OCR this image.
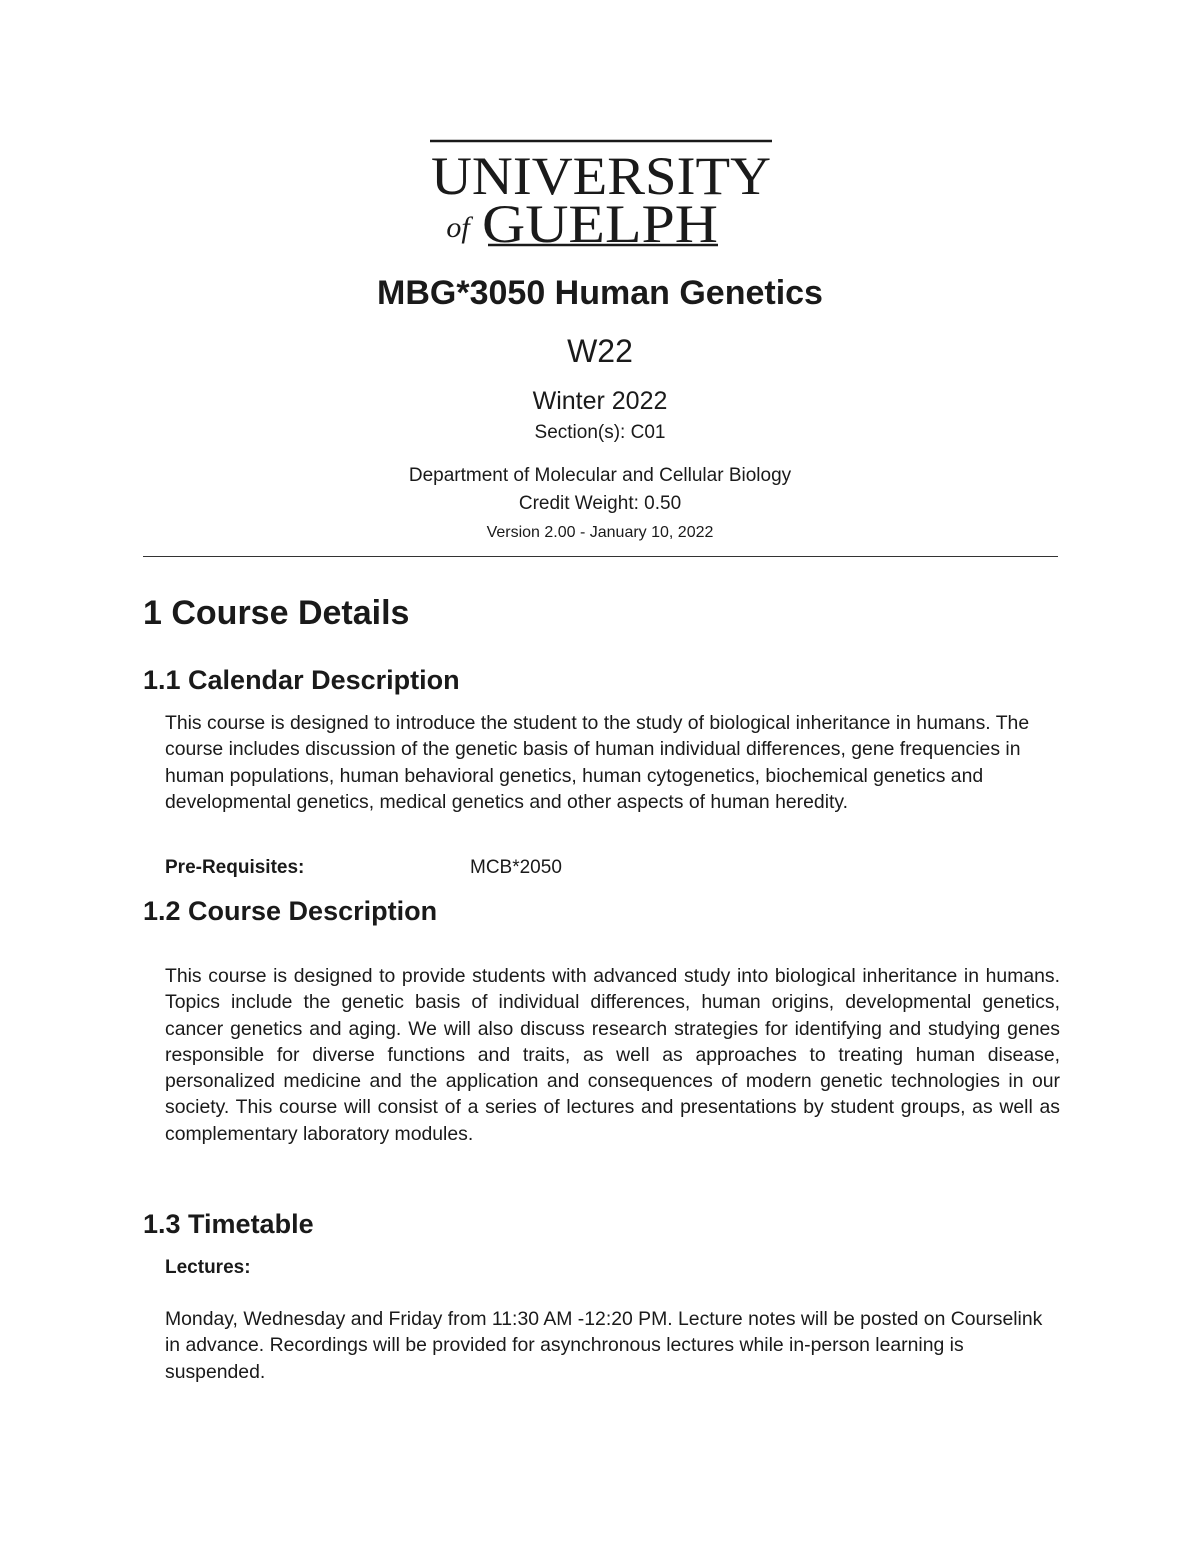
UNIVERSITY
of GUELPH
MBG*3050 Human Genetics
W22
Winter 2022
Section(s): C01
Department of Molecular and Cellular Biology
Credit Weight: 0.50
Version 2.00 - January 10, 2022
1 Course Details
1.1 Calendar Description

This course is designed to introduce the student to the study of biological inheritance in humans. The course includes discussion of the genetic basis of human individual differences, gene frequencies in human populations, human behavioral genetics, human cytogenetics, biochemical genetics and developmental genetics, medical genetics and other aspects of human heredity.

Pre-Requisites:	MCB*2050
1.2 Course Description

This course is designed to provide students with advanced study into biological inheritance in humans. Topics include the genetic basis of individual differences, human origins, developmental genetics, cancer genetics and aging. We will also discuss research strategies for identifying and studying genes responsible for diverse functions and traits, as well as approaches to treating human disease, personalized medicine and the application and consequences of modern genetic technologies in our society. This course will consist of a series of lectures and presentations by student groups, as well as complementary laboratory modules.

1.3 Timetable
Lectures:

Monday, Wednesday and Friday from 11:30 AM -12:20 PM. Lecture notes will be posted on Courselink in advance. Recordings will be provided for asynchronous lectures while in-person learning is suspended.
